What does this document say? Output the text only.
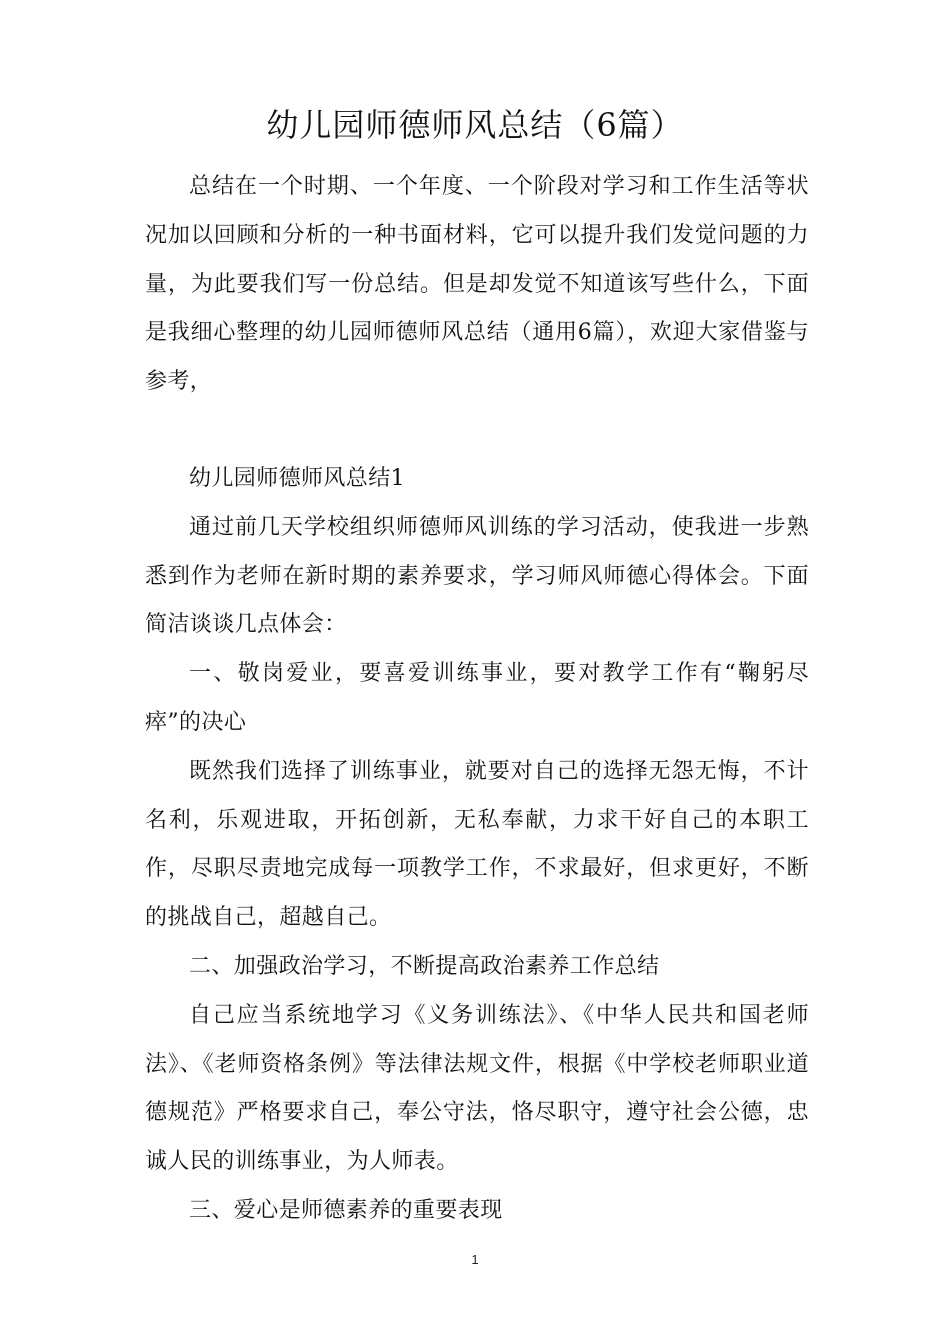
幼儿园师德师风总结（6篇）

总结在一个时期、一个年度、一个阶段对学习和工作生活等状况加以回顾和分析的一种书面材料，它可以提升我们发觉问题的力量，为此要我们写一份总结。但是却发觉不知道该写些什么，下面是我细心整理的幼儿园师德师风总结（通用6篇），欢迎大家借鉴与参考，

幼儿园师德师风总结1

通过前几天学校组织师德师风训练的学习活动，使我进一步熟悉到作为老师在新时期的素养要求，学习师风师德心得体会。下面简洁谈谈几点体会：

一、敬岗爱业，要喜爱训练事业，要对教学工作有“鞠躬尽瘁”的决心

既然我们选择了训练事业，就要对自己的选择无怨无悔，不计名利，乐观进取，开拓创新，无私奉献，力求干好自己的本职工作，尽职尽责地完成每一项教学工作，不求最好，但求更好，不断的挑战自己，超越自己。

二、加强政治学习，不断提高政治素养工作总结

自己应当系统地学习《义务训练法》、《中华人民共和国老师法》、《老师资格条例》等法律法规文件，根据《中学校老师职业道德规范》严格要求自己，奉公守法，恪尽职守，遵守社会公德，忠诚人民的训练事业，为人师表。

三、爱心是师德素养的重要表现

1
